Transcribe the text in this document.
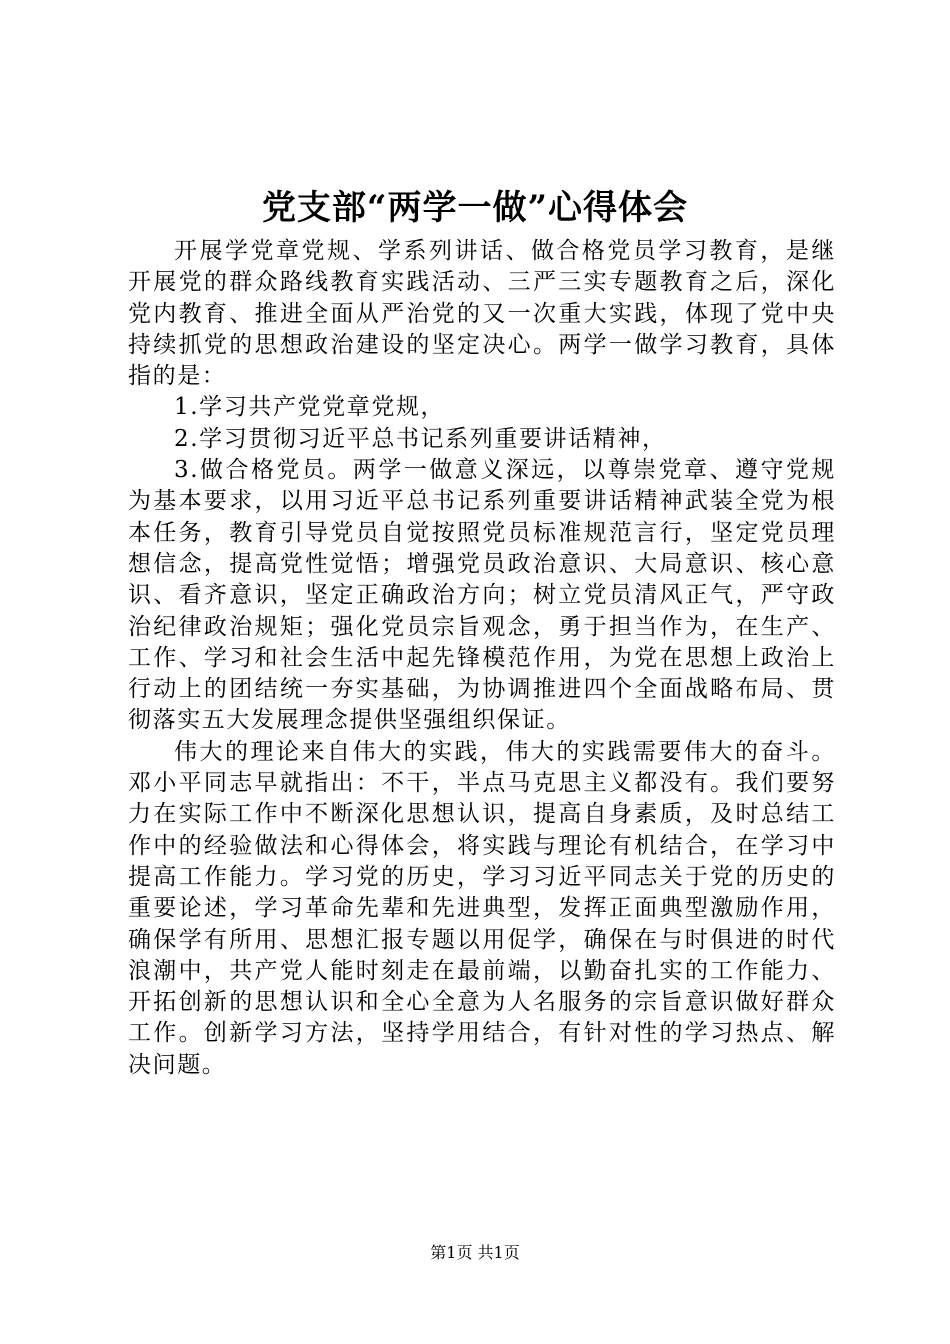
党支部“两学一做”心得体会

开展学党章党规、学系列讲话、做合格党员学习教育，是继开展党的群众路线教育实践活动、三严三实专题教育之后，深化党内教育、推进全面从严治党的又一次重大实践，体现了党中央持续抓党的思想政治建设的坚定决心。两学一做学习教育，具体指的是：

1.学习共产党党章党规，

2.学习贯彻习近平总书记系列重要讲话精神，

3.做合格党员。两学一做意义深远，以尊崇党章、遵守党规为基本要求，以用习近平总书记系列重要讲话精神武装全党为根本任务，教育引导党员自觉按照党员标准规范言行，坚定党员理想信念，提高党性觉悟；增强党员政治意识、大局意识、核心意识、看齐意识，坚定正确政治方向；树立党员清风正气，严守政治纪律政治规矩；强化党员宗旨观念，勇于担当作为，在生产、工作、学习和社会生活中起先锋模范作用，为党在思想上政治上行动上的团结统一夯实基础，为协调推进四个全面战略布局、贯彻落实五大发展理念提供坚强组织保证。

伟大的理论来自伟大的实践，伟大的实践需要伟大的奋斗。邓小平同志早就指出：不干，半点马克思主义都没有。我们要努力在实际工作中不断深化思想认识，提高自身素质，及时总结工作中的经验做法和心得体会，将实践与理论有机结合，在学习中提高工作能力。学习党的历史，学习习近平同志关于党的历史的重要论述，学习革命先辈和先进典型，发挥正面典型激励作用，确保学有所用、思想汇报专题以用促学，确保在与时俱进的时代浪潮中，共产党人能时刻走在最前端，以勤奋扎实的工作能力、开拓创新的思想认识和全心全意为人名服务的宗旨意识做好群众工作。创新学习方法，坚持学用结合，有针对性的学习热点、解决问题。

第1页 共1页
